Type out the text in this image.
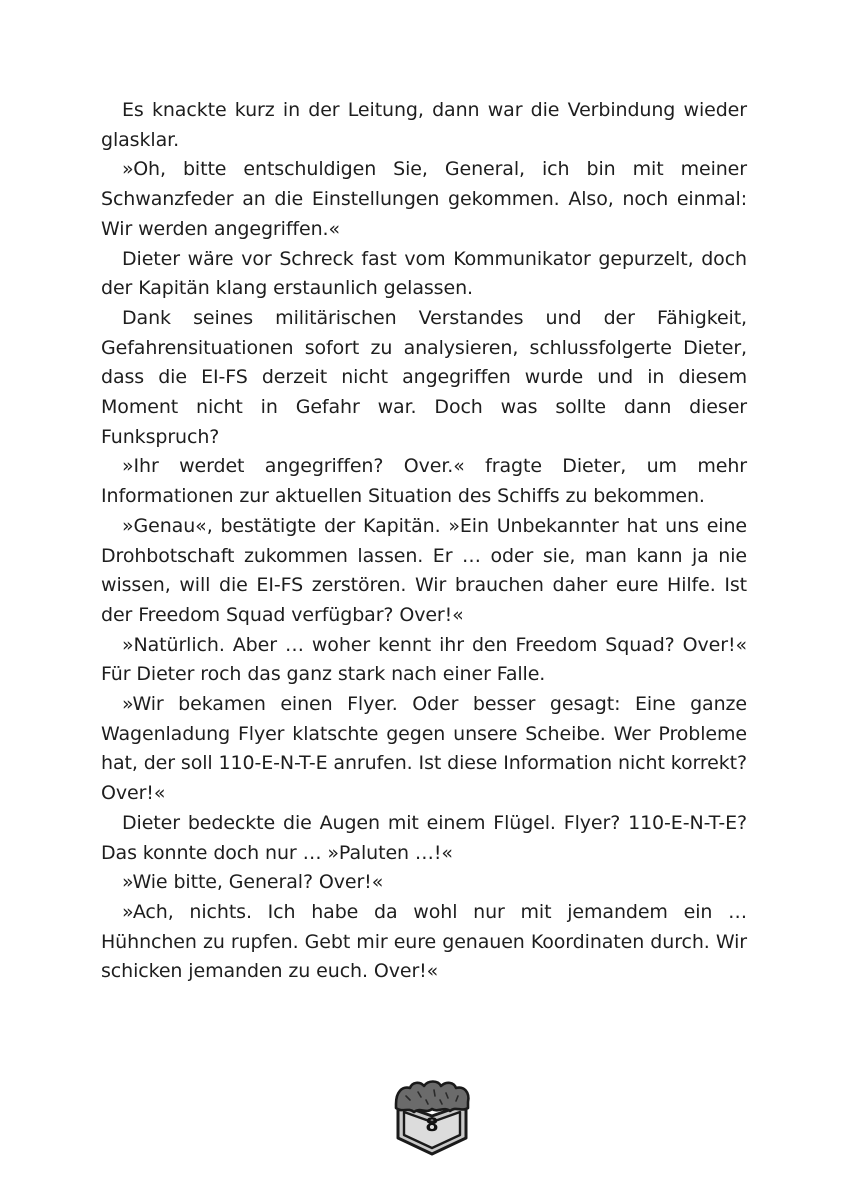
Es knackte kurz in der Leitung, dann war die Verbindung wieder glasklar.

»Oh, bitte entschuldigen Sie, General, ich bin mit meiner Schwanzfeder an die Einstellungen gekommen. Also, noch einmal: Wir werden angegriffen.«

Dieter wäre vor Schreck fast vom Kommunikator gepurzelt, doch der Kapitän klang erstaunlich gelassen.

Dank seines militärischen Verstandes und der Fähigkeit, Gefahrensituationen sofort zu analysieren, schlussfolgerte Dieter, dass die EI-FS derzeit nicht angegriffen wurde und in diesem Moment nicht in Gefahr war. Doch was sollte dann dieser Funkspruch?

»Ihr werdet angegriffen? Over.« fragte Dieter, um mehr Informationen zur aktuellen Situation des Schiffs zu bekommen.

»Genau«, bestätigte der Kapitän. »Ein Unbekannter hat uns eine Drohbotschaft zukommen lassen. Er … oder sie, man kann ja nie wissen, will die EI-FS zerstören. Wir brauchen daher eure Hilfe. Ist der Freedom Squad verfügbar? Over!«

»Natürlich. Aber … woher kennt ihr den Freedom Squad? Over!« Für Dieter roch das ganz stark nach einer Falle.

»Wir bekamen einen Flyer. Oder besser gesagt: Eine ganze Wagenladung Flyer klatschte gegen unsere Scheibe. Wer Probleme hat, der soll 110-E-N-T-E anrufen. Ist diese Information nicht korrekt? Over!«

Dieter bedeckte die Augen mit einem Flügel. Flyer? 110-E-N-T-E? Das konnte doch nur … »Paluten …!«

»Wie bitte, General? Over!«

»Ach, nichts. Ich habe da wohl nur mit jemandem ein … Hühnchen zu rupfen. Gebt mir eure genauen Koordinaten durch. Wir schicken jemanden zu euch. Over!«

8
